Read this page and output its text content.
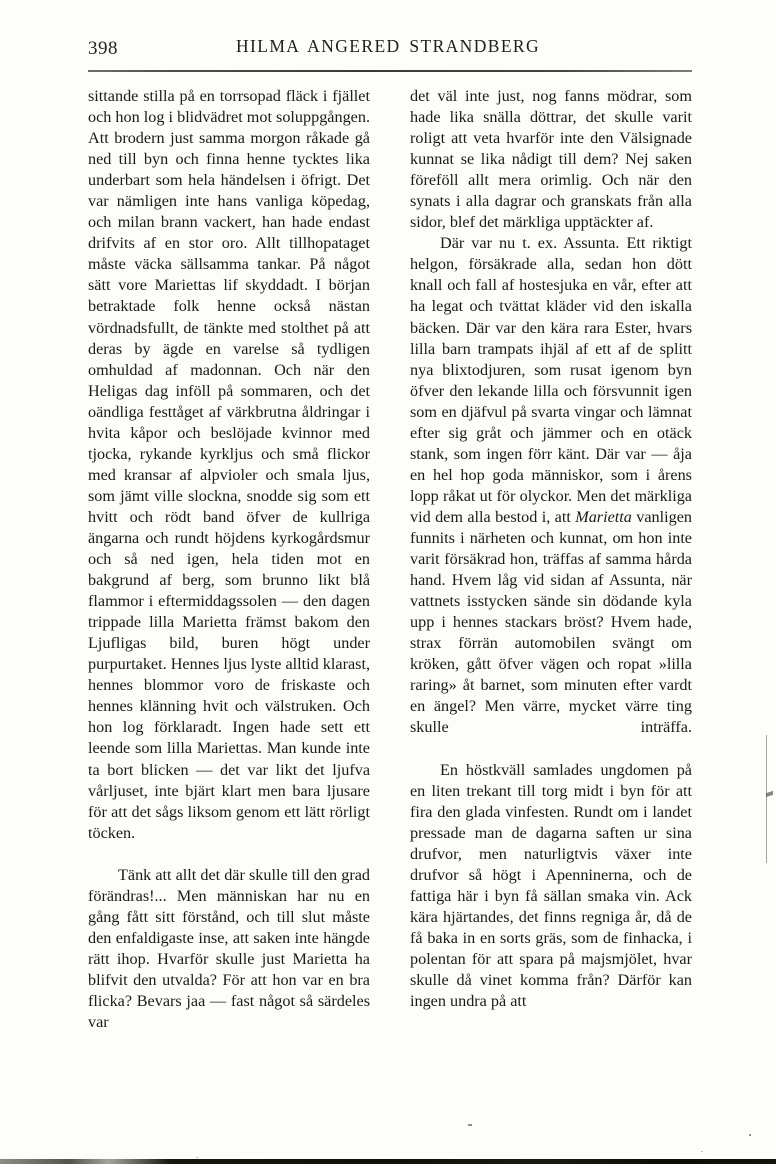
398	HILMA ANGERED STRANDBERG

sittande stilla på en torrsopad fläck i fjället och hon log i blidvädret mot soluppgången. Att brodern just samma morgon råkade gå ned till byn och finna henne tycktes lika underbart som hela händelsen i öfrigt. Det var nämligen inte hans vanliga köpedag, och milan brann vackert, han hade endast drifvits af en stor oro. Allt tillhopataget måste väcka sällsamma tankar. På något sätt vore Mariettas lif skyddadt. I början betraktade folk henne också nästan vördnadsfullt, de tänkte med stolthet på att deras by ägde en varelse så tydligen omhuldad af madonnan. Och när den Heligas dag inföll på sommaren, och det oändliga festtåget af värkbrutna åldringar i hvita kåpor och beslöjade kvinnor med tjocka, rykande kyrkljus och små flickor med kransar af alpvioler och smala ljus, som jämt ville slockna, snodde sig som ett hvitt och rödt band öfver de kullriga ängarna och rundt höjdens kyrkogårdsmur och så ned igen, hela tiden mot en bakgrund af berg, som brunno likt blå flammor i eftermiddagssolen — den dagen trippade lilla Marietta främst bakom den Ljufligas bild, buren högt under purpurtaket. Hennes ljus lyste alltid klarast, hennes blommor voro de friskaste och hennes klänning hvit och välstruken. Och hon log förklaradt. Ingen hade sett ett leende som lilla Mariettas. Man kunde inte ta bort blicken — det var likt det ljufva vårljuset, inte bjärt klart men bara ljusare för att det sågs liksom genom ett lätt rörligt töcken.

Tänk att allt det där skulle till den grad förändras!... Men människan har nu en gång fått sitt förstånd, och till slut måste den enfaldigaste inse, att saken inte hängde rätt ihop. Hvarför skulle just Marietta ha blifvit den utvalda? För att hon var en bra flicka? Bevars jaa — fast något så särdeles var

det väl inte just, nog fanns mödrar, som hade lika snälla döttrar, det skulle varit roligt att veta hvarför inte den Välsignade kunnat se lika nådigt till dem? Nej saken föreföll allt mera orimlig. Och när den synats i alla dagrar och granskats från alla sidor, blef det märkliga upptäckter af.

Där var nu t. ex. Assunta. Ett riktigt helgon, försäkrade alla, sedan hon dött knall och fall af hostesjuka en vår, efter att ha legat och tvättat kläder vid den iskalla bäcken. Där var den kära rara Ester, hvars lilla barn trampats ihjäl af ett af de splitt nya blixtodjuren, som rusat igenom byn öfver den lekande lilla och försvunnit igen som en djäfvul på svarta vingar och lämnat efter sig gråt och jämmer och en otäck stank, som ingen förr känt. Där var — åja en hel hop goda människor, som i årens lopp råkat ut för olyckor. Men det märkliga vid dem alla bestod i, att Marietta vanligen funnits i närheten och kunnat, om hon inte varit försäkrad hon, träffas af samma hårda hand. Hvem låg vid sidan af Assunta, när vattnets isstycken sände sin dödande kyla upp i hennes stackars bröst? Hvem hade, strax förrän automobilen svängt om kröken, gått öfver vägen och ropat »lilla raring» åt barnet, som minuten efter vardt en ängel? Men värre, mycket värre ting skulle inträffa.

En höstkväll samlades ungdomen på en liten trekant till torg midt i byn för att fira den glada vinfesten. Rundt om i landet pressade man de dagarna saften ur sina drufvor, men naturligtvis växer inte drufvor så högt i Apenninerna, och de fattiga här i byn få sällan smaka vin. Ack kära hjärtandes, det finns regniga år, då de få baka in en sorts gräs, som de finhacka, i polentan för att spara på majsmjölet, hvar skulle då vinet komma från? Därför kan ingen undra på att
